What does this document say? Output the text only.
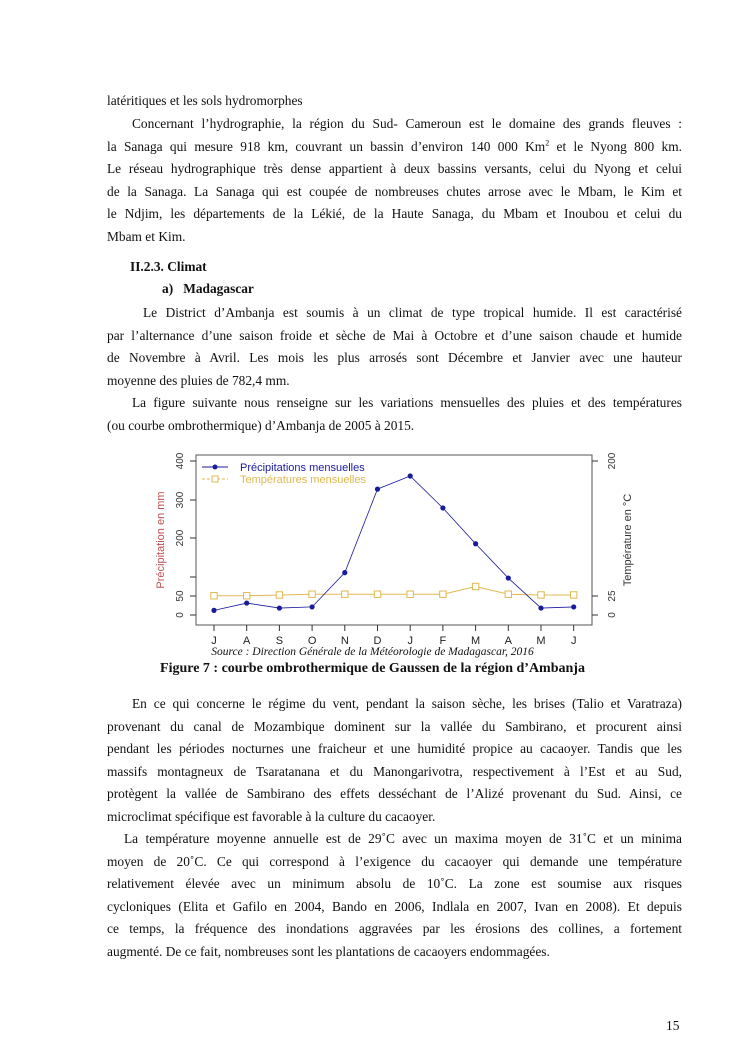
latéritiques et les sols hydromorphes

Concernant l’hydrographie, la région du Sud- Cameroun est le domaine des grands fleuves :
la Sanaga qui mesure 918 km, couvrant un bassin d’environ 140 000 Km$^2$ et le Nyong 800 km.
Le réseau hydrographique très dense appartient à deux bassins versants, celui du Nyong et celui
de la Sanaga. La Sanaga qui est coupée de nombreuses chutes arrose avec le Mbam, le Kim et
le Ndjim, les départements de la Lékié, de la Haute Sanaga, du Mbam et Inoubou et celui du
Mbam et Kim.

II.2.3. Climat
a)   Madagascar

Le District d’Ambanja est soumis à un climat de type tropical humide. Il est caractérisé
par l’alternance d’une saison froide et sèche de Mai à Octobre et d’une saison chaude et humide
de Novembre à Avril. Les mois les plus arrosés sont Décembre et Janvier avec une hauteur
moyenne des pluies de 782,4 mm.

La figure suivante nous renseigne sur les variations mensuelles des pluies et des températures
(ou courbe ombrothermique) d’Ambanja de 2005 à 2015.

0
50
200
300
400
Précipitation en mm
0
25
200
Température en °C
J A S O N D J F M A M J
Précipitations mensuelles
Températures mensuelles
Source : Direction Générale de la Météorologie de Madagascar, 2016
Figure 7 : courbe ombrothermique de Gaussen de la région d’Ambanja

En ce qui concerne le régime du vent, pendant la saison sèche, les brises (Talio et Varatraza)
provenant du canal de Mozambique dominent sur la vallée du Sambirano, et procurent ainsi
pendant les périodes nocturnes une fraicheur et une humidité propice au cacaoyer. Tandis que les
massifs montagneux de Tsaratanana et du Manongarivotra, respectivement à l’Est et au Sud,
protègent la vallée de Sambirano des effets desséchant de l’Alizé provenant du Sud. Ainsi, ce
microclimat spécifique est favorable à la culture du cacaoyer.

La température moyenne annuelle est de 29˚C avec un maxima moyen de 31˚C et un minima
moyen de 20˚C. Ce qui correspond à l’exigence du cacaoyer qui demande une température
relativement élevée avec un minimum absolu de 10˚C. La zone est soumise aux risques
cycloniques (Elita et Gafilo en 2004, Bando en 2006, Indlala en 2007, Ivan en 2008). Et depuis
ce temps, la fréquence des inondations aggravées par les érosions des collines, a fortement
augmenté. De ce fait, nombreuses sont les plantations de cacaoyers endommagées.

15
